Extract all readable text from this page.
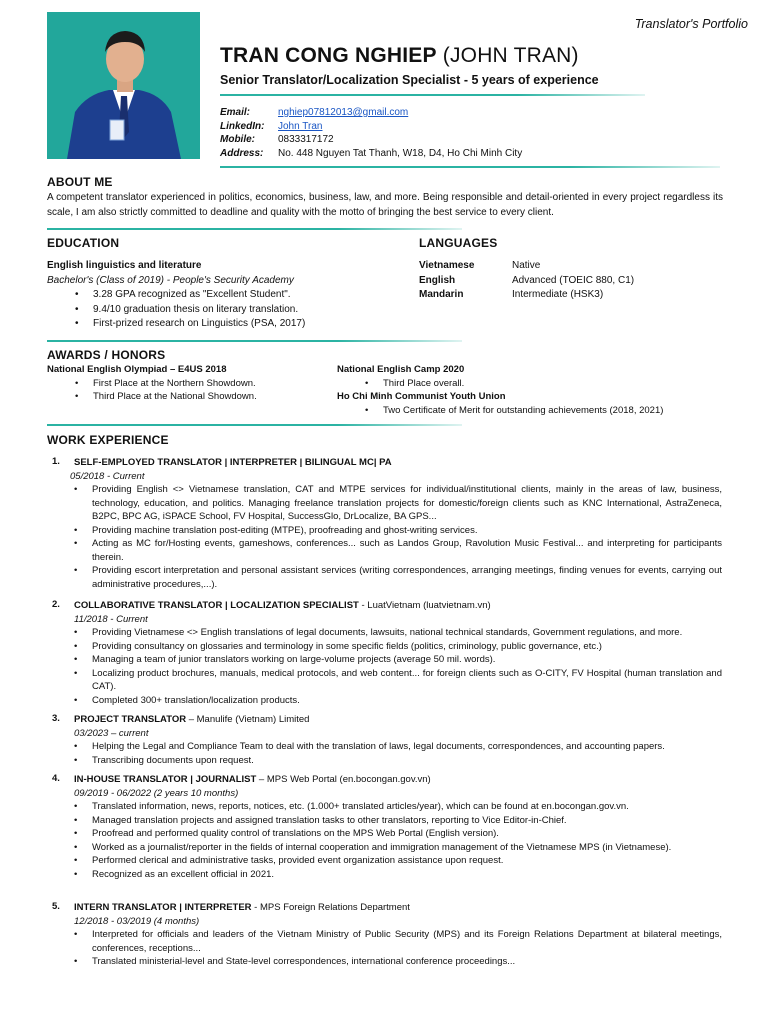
Translator's Portfolio
TRAN CONG NGHIEP (JOHN TRAN)
Senior Translator/Localization Specialist - 5 years of experience
Email:	nghiep07812013@gmail.com
LinkedIn: John Tran
Mobile: 0833317172
Address: No. 448 Nguyen Tat Thanh, W18, D4, Ho Chi Minh City
ABOUT ME
A competent translator experienced in politics, economics, business, law, and more. Being responsible and detail-oriented in every project regardless its scale, I am also strictly committed to deadline and quality with the motto of bringing the best service to every client.
EDUCATION
English linguistics and literature
Bachelor's (Class of 2019) - People's Security Academy
• 3.28 GPA recognized as "Excellent Student".
• 9.4/10 graduation thesis on literary translation.
• First-prized research on Linguistics (PSA, 2017)
LANGUAGES
Vietnamese	Native
English	Advanced (TOEIC 880, C1)
Mandarin	Intermediate (HSK3)
AWARDS / HONORS
National English Olympiad – E4US 2018
• First Place at the Northern Showdown.
• Third Place at the National Showdown.
National English Camp 2020
• Third Place overall.
Ho Chi Minh Communist Youth Union
• Two Certificate of Merit for outstanding achievements (2018, 2021)
WORK EXPERIENCE
1. SELF-EMPLOYED TRANSLATOR | INTERPRETER | BILINGUAL MC| PA
05/2018 - Current
• Providing English <> Vietnamese translation, CAT and MTPE services for individual/institutional clients, mainly in the areas of law, business, technology, education, and politics. Managing freelance translation projects for domestic/foreign clients such as KNC International, AstraZeneca, B2PC, BPC AG, iSPACE School, FV Hospital, SuccessGlo, DrLocalize, BA GPS...
• Providing machine translation post-editing (MTPE), proofreading and ghost-writing services.
• Acting as MC for/Hosting events, gameshows, conferences... such as Landos Group, Ravolution Music Festival... and interpreting for participants therein.
• Providing escort interpretation and personal assistant services (writing correspondences, arranging meetings, finding venues for events, carrying out administrative procedures,...).
2. COLLABORATIVE TRANSLATOR | LOCALIZATION SPECIALIST - LuatVietnam (luatvietnam.vn)
11/2018 - Current
• Providing Vietnamese <> English translations of legal documents, lawsuits, national technical standards, Government regulations, and more.
• Providing consultancy on glossaries and terminology in some specific fields (politics, criminology, public governance, etc.)
• Managing a team of junior translators working on large-volume projects (average 50 mil. words).
• Localizing product brochures, manuals, medical protocols, and web content... for foreign clients such as O-CITY, FV Hospital (human translation and CAT).
• Completed 300+ translation/localization products.
3. PROJECT TRANSLATOR – Manulife (Vietnam) Limited
03/2023 – current
• Helping the Legal and Compliance Team to deal with the translation of laws, legal documents, correspondences, and accounting papers.
• Transcribing documents upon request.
4. IN-HOUSE TRANSLATOR | JOURNALIST – MPS Web Portal (en.bocongan.gov.vn)
09/2019 - 06/2022 (2 years 10 months)
• Translated information, news, reports, notices, etc. (1.000+ translated articles/year), which can be found at en.bocongan.gov.vn.
• Managed translation projects and assigned translation tasks to other translators, reporting to Vice Editor-in-Chief.
• Proofread and performed quality control of translations on the MPS Web Portal (English version).
• Worked as a journalist/reporter in the fields of internal cooperation and immigration management of the Vietnamese MPS (in Vietnamese).
• Performed clerical and administrative tasks, provided event organization assistance upon request.
• Recognized as an excellent official in 2021.
5. INTERN TRANSLATOR | INTERPRETER - MPS Foreign Relations Department
12/2018 - 03/2019 (4 months)
• Interpreted for officials and leaders of the Vietnam Ministry of Public Security (MPS) and its Foreign Relations Department at bilateral meetings, conferences, receptions...
• Translated ministerial-level and State-level correspondences, international conference proceedings...
